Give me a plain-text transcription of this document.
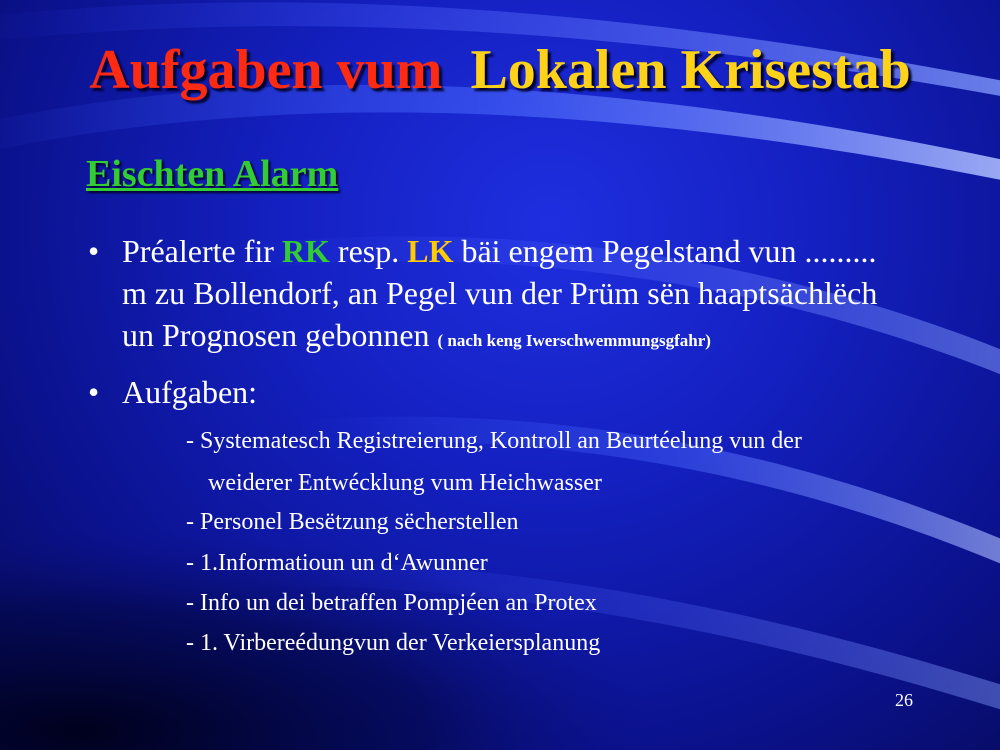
Aufgaben vum Lokalen Krisestab
Eischten Alarm
• Préalerte fir RK resp. LK bäi engem Pegelstand vun .........
m zu Bollendorf, an Pegel vun der Prüm sën haaptsächlëch
un Prognosen gebonnen ( nach keng Iwerschwemmungsgfahr)
• Aufgaben:
- Systematesch Registreierung, Kontroll an Beurtéelung vun der
weiderer Entwécklung vum Heichwasser
- Personel Besëtzung sëcherstellen
- 1.Informatioun un d‘Awunner
- Info un dei betraffen Pompjéen an Protex
- 1. Virbereédungvun der Verkeiersplanung
26
